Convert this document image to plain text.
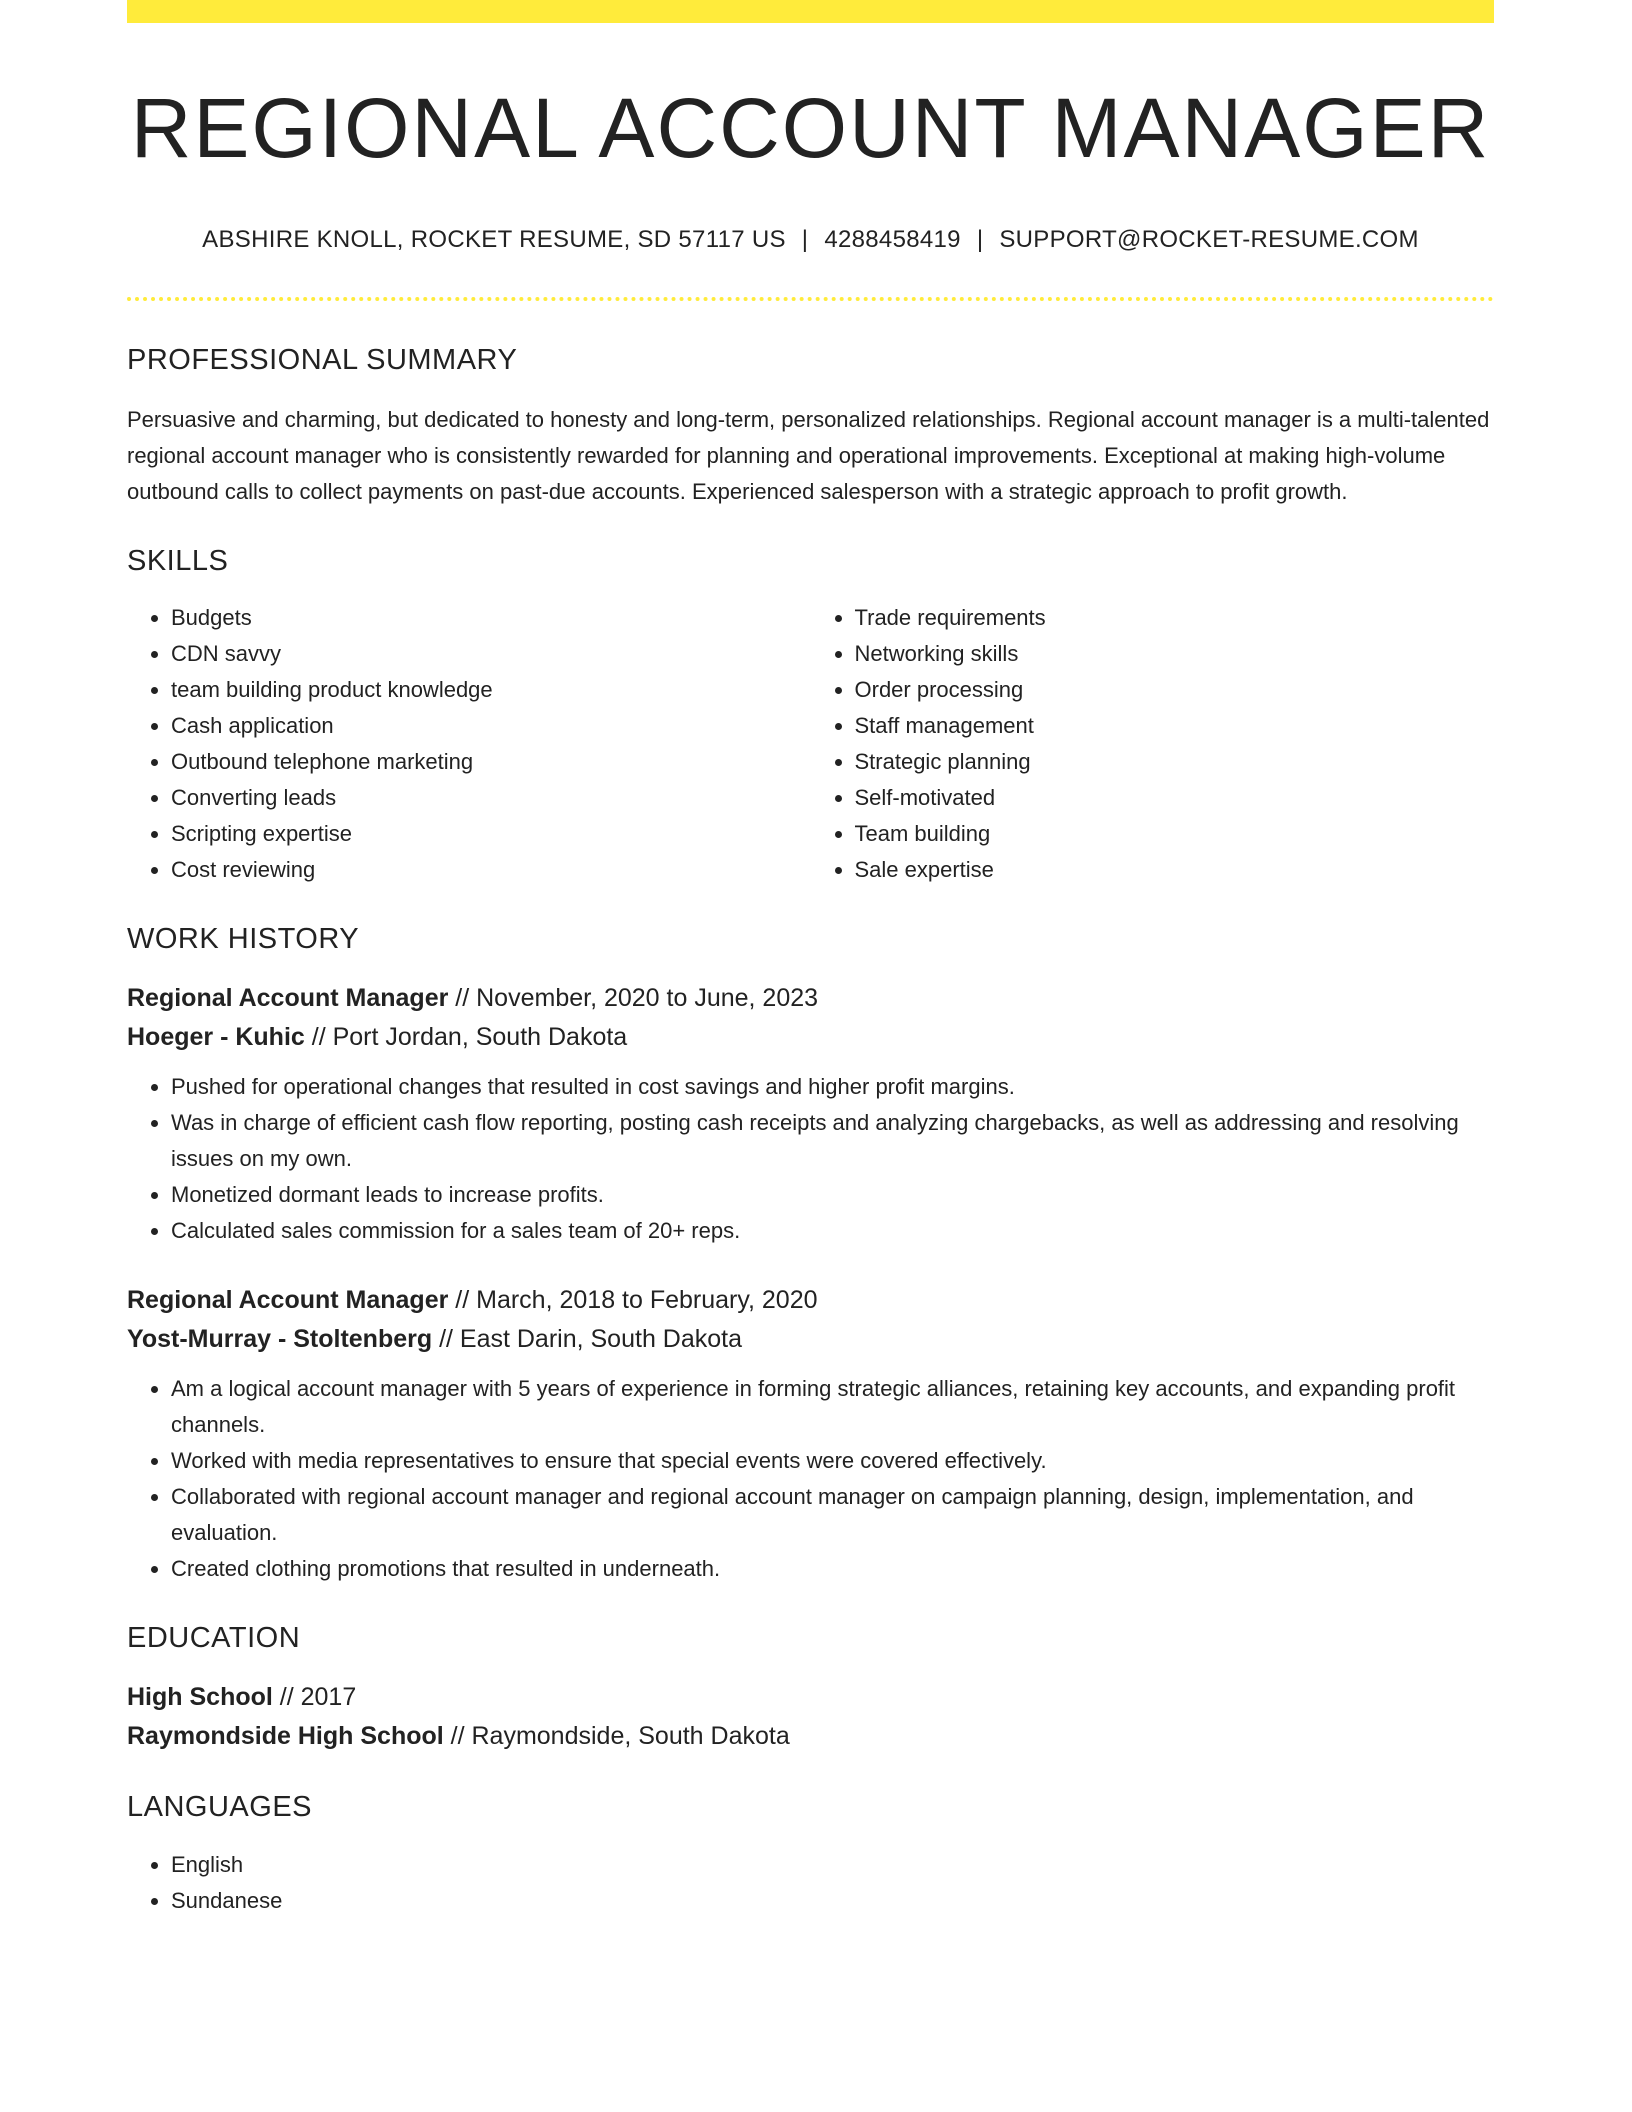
REGIONAL ACCOUNT MANAGER
ABSHIRE KNOLL, ROCKET RESUME, SD 57117 US | 4288458419 | SUPPORT@ROCKET-RESUME.COM
PROFESSIONAL SUMMARY

Persuasive and charming, but dedicated to honesty and long-term, personalized relationships. Regional account manager is a multi-talented regional account manager who is consistently rewarded for planning and operational improvements. Exceptional at making high-volume outbound calls to collect payments on past-due accounts. Experienced salesperson with a strategic approach to profit growth.

SKILLS
• Budgets
• CDN savvy
• team building product knowledge
• Cash application
• Outbound telephone marketing
• Converting leads
• Scripting expertise
• Cost reviewing
• Trade requirements
• Networking skills
• Order processing
• Staff management
• Strategic planning
• Self-motivated
• Team building
• Sale expertise
WORK HISTORY
Regional Account Manager // November, 2020 to June, 2023
Hoeger - Kuhic // Port Jordan, South Dakota
• Pushed for operational changes that resulted in cost savings and higher profit margins.
• Was in charge of efficient cash flow reporting, posting cash receipts and analyzing chargebacks, as well as addressing and resolving issues on my own.
• Monetized dormant leads to increase profits.
• Calculated sales commission for a sales team of 20+ reps.
Regional Account Manager // March, 2018 to February, 2020
Yost-Murray - Stoltenberg // East Darin, South Dakota
• Am a logical account manager with 5 years of experience in forming strategic alliances, retaining key accounts, and expanding profit channels.
• Worked with media representatives to ensure that special events were covered effectively.
• Collaborated with regional account manager and regional account manager on campaign planning, design, implementation, and evaluation.
• Created clothing promotions that resulted in underneath.
EDUCATION
High School // 2017
Raymondside High School // Raymondside, South Dakota
LANGUAGES
• English
• Sundanese
